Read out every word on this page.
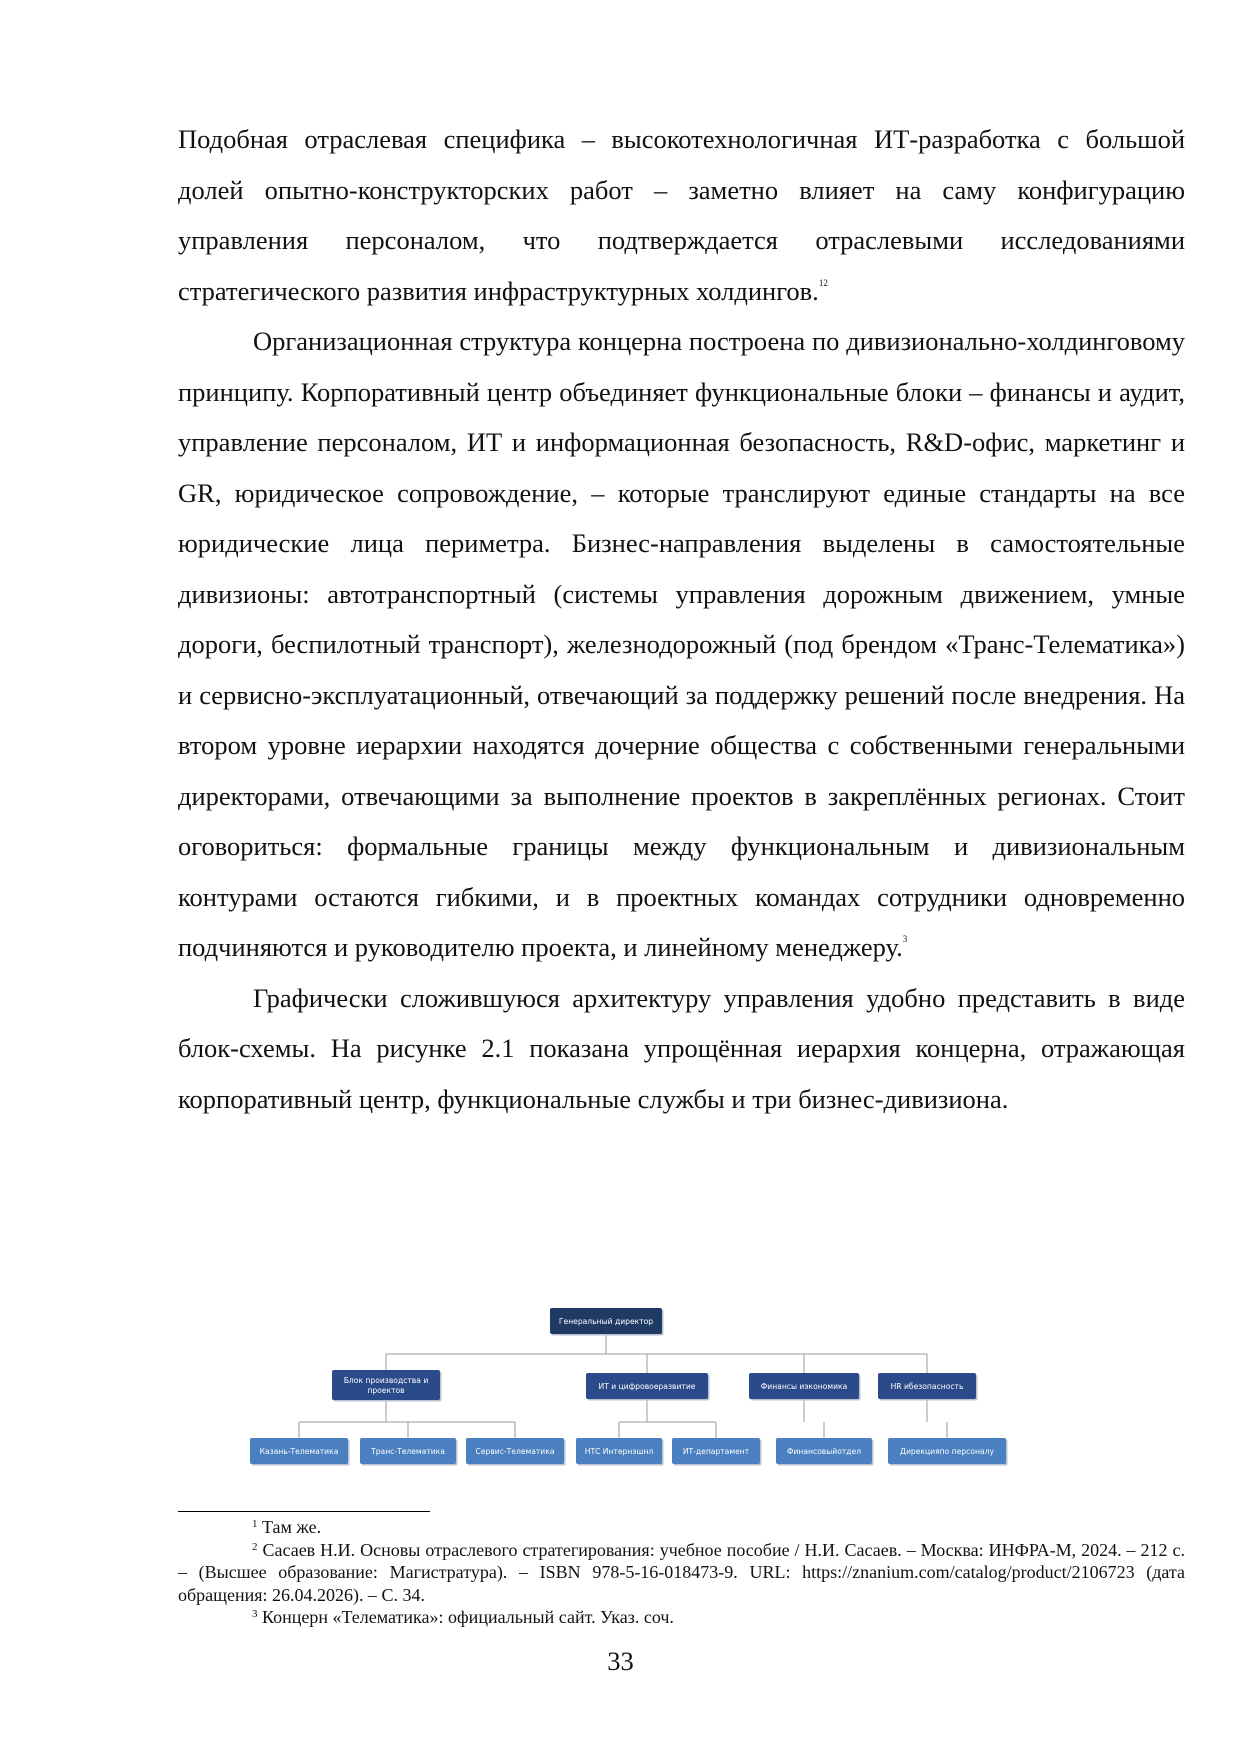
Подобная отраслевая специфика – высокотехнологичная ИТ-разработка с большой долей опытно-конструкторских работ – заметно влияет на саму конфигурацию управления персоналом, что подтверждается отраслевыми исследованиями стратегического развития инфраструктурных холдингов.$^{12}$

Организационная структура концерна построена по дивизионально-холдинговому принципу. Корпоративный центр объединяет функциональные блоки – финансы и аудит, управление персоналом, ИТ и информационная безопасность, R&D-офис, маркетинг и GR, юридическое сопровождение, – которые транслируют единые стандарты на все юридические лица периметра. Бизнес-направления выделены в самостоятельные дивизионы: автотранспортный (системы управления дорожным движением, умные дороги, беспилотный транспорт), железнодорожный (под брендом «Транс-Телематика») и сервисно-эксплуатационный, отвечающий за поддержку решений после внедрения. На втором уровне иерархии находятся дочерние общества с собственными генеральными директорами, отвечающими за выполнение проектов в закреплённых регионах. Стоит оговориться: формальные границы между функциональным и дивизиональным контурами остаются гибкими, и в проектных командах сотрудники одновременно подчиняются и руководителю проекта, и линейному менеджеру.$^3$

Графически сложившуюся архитектуру управления удобно представить в виде блок-схемы. На рисунке 2.1 показана упрощённая иерархия концерна, отражающая корпоративный центр, функциональные службы и три бизнес-дивизиона.

Генеральный директор
Блок производства и
проектов	ИТ и цифровоеразвитие	Финансы иэкономика	HR ибезопасность
Казань-Телематика	Транс-Телематика	Сервис-Телематика	НТС Интернэшнл	ИТ-департамент	Финансовыйотдел	Дирекцияпо персоналу

$^1$ Там же.

$^2$ Сасаев Н.И. Основы отраслевого стратегирования: учебное пособие / Н.И. Сасаев. – Москва: ИНФРА-М, 2024. – 212 с. – (Высшее образование: Магистратура). – ISBN 978-5-16-018473-9. URL: https://znanium.com/catalog/product/2106723 (дата обращения: 26.04.2026). – С. 34.

$^3$ Концерн «Телематика»: официальный сайт. Указ. соч.

33
